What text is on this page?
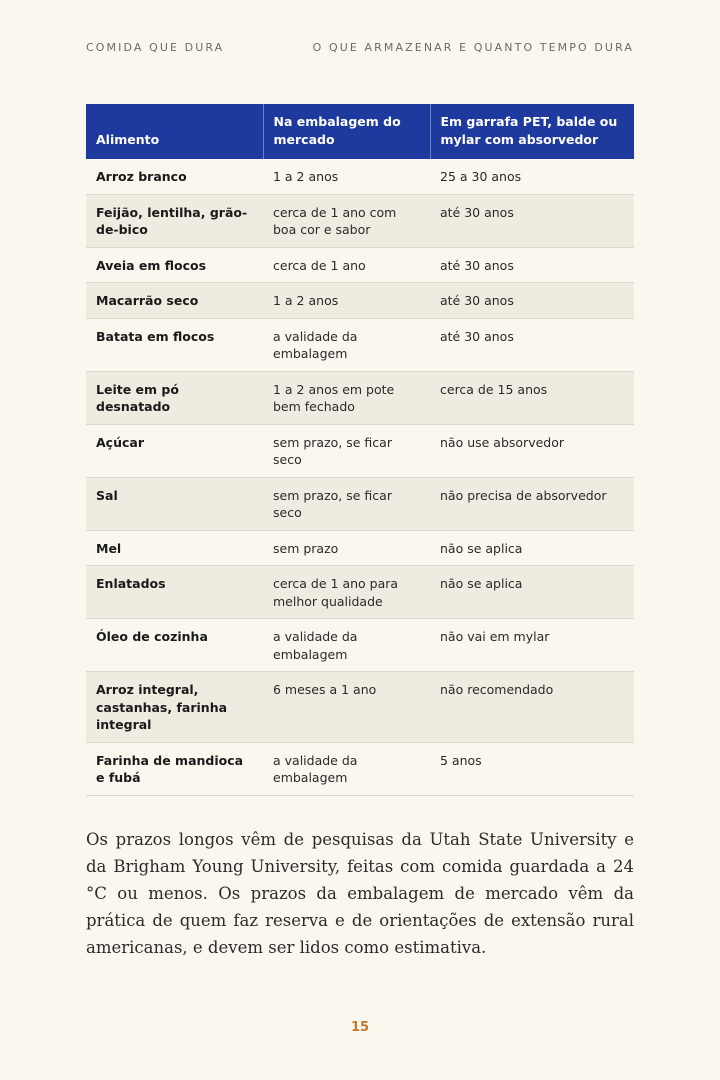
COMIDA QUE DURA	O QUE ARMAZENAR E QUANTO TEMPO DURA
Alimento	Na embalagem do mercado	Em garrafa PET, balde ou mylar com absorvedor
Arroz branco	1 a 2 anos	25 a 30 anos
Feijão, lentilha, grão-de-bico	cerca de 1 ano com boa cor e sabor	até 30 anos
Aveia em flocos	cerca de 1 ano	até 30 anos
Macarrão seco	1 a 2 anos	até 30 anos
Batata em flocos	a validade da embalagem	até 30 anos
Leite em pó desnatado	1 a 2 anos em pote bem fechado	cerca de 15 anos
Açúcar	sem prazo, se ficar seco	não use absorvedor
Sal	sem prazo, se ficar seco	não precisa de absorvedor
Mel	sem prazo	não se aplica
Enlatados	cerca de 1 ano para melhor qualidade	não se aplica
Óleo de cozinha	a validade da embalagem	não vai em mylar
Arroz integral, castanhas, farinha integral	6 meses a 1 ano	não recomendado
Farinha de mandioca e fubá	a validade da embalagem	5 anos

Os prazos longos vêm de pesquisas da Utah State University e da Brigham Young University, feitas com comida guardada a 24 °C ou menos. Os prazos da embalagem de mercado vêm da prática de quem faz reserva e de orientações de extensão rural americanas, e devem ser lidos como estimativa.

15
